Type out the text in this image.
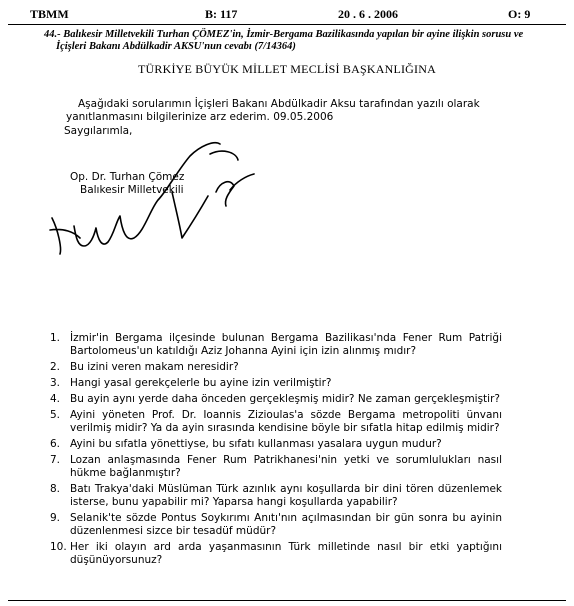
TBMM	B: 117	20 . 6 . 2006	O: 9
44.- Balıkesir Milletvekili Turhan ÇÖMEZ'in, İzmir-Bergama Bazilikasında yapılan bir ayine ilişkin sorusu ve İçişleri Bakanı Abdülkadir AKSU'nun cevabı (7/14364)
TÜRKİYE BÜYÜK MİLLET MECLİSİ BAŞKANLIĞINA
Aşağıdaki sorularımın İçişleri Bakanı Abdülkadir Aksu tarafından yazılı olarak
yanıtlanmasını bilgilerinize arz ederim. 09.05.2006
Saygılarımla,
Op. Dr. Turhan Çömez
Balıkesir Milletvekili
1. İzmir'in Bergama ilçesinde bulunan Bergama Bazilikası'nda Fener Rum Patriği Bartolomeus'un katıldığı Aziz Johanna Ayini için izin alınmış mıdır?
2. Bu izini veren makam neresidir?
3. Hangi yasal gerekçelerle bu ayine izin verilmiştir?
4. Bu ayin aynı yerde daha önceden gerçekleşmiş midir? Ne zaman gerçekleşmiştir?
5. Ayini yöneten Prof. Dr. Ioannis Zizioulas'a sözde Bergama metropoliti ünvanı verilmiş midir? Ya da ayin sırasında kendisine böyle bir sıfatla hitap edilmiş midir?
6. Ayini bu sıfatla yönettiyse, bu sıfatı kullanması yasalara uygun mudur?
7. Lozan anlaşmasında Fener Rum Patrikhanesi'nin yetki ve sorumlulukları nasıl hükme bağlanmıştır?
8. Batı Trakya'daki Müslüman Türk azınlık aynı koşullarda bir dini tören düzenlemek isterse, bunu yapabilir mi? Yaparsa hangi koşullarda yapabilir?
9. Selanik'te sözde Pontus Soykırımı Anıtı'nın açılmasından bir gün sonra bu ayinin düzenlenmesi sizce bir tesadüf müdür?
10. Her iki olayın ard arda yaşanmasının Türk milletinde nasıl bir etki yaptığını düşünüyorsunuz?
